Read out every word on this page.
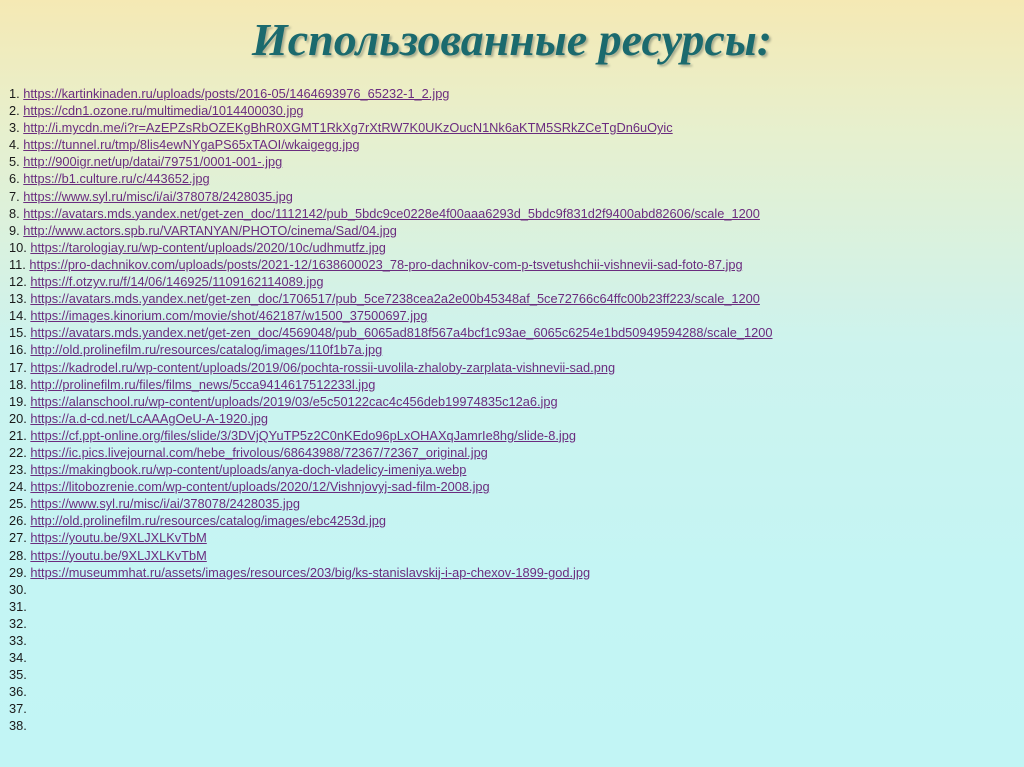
Использованные ресурсы:
1. https://kartinkinaden.ru/uploads/posts/2016-05/1464693976_65232-1_2.jpg
2. https://cdn1.ozone.ru/multimedia/1014400030.jpg
3. http://i.mycdn.me/i?r=AzEPZsRbOZEKgBhR0XGMT1RkXg7rXtRW7K0UKzOucN1Nk6aKTM5SRkZCeTgDn6uOyic
4. https://tunnel.ru/tmp/8lis4ewNYgaPS65xTAOI/wkaigegg.jpg
5. http://900igr.net/up/datai/79751/0001-001-.jpg
6. https://b1.culture.ru/c/443652.jpg
7. https://www.syl.ru/misc/i/ai/378078/2428035.jpg
8. https://avatars.mds.yandex.net/get-zen_doc/1112142/pub_5bdc9ce0228e4f00aaa6293d_5bdc9f831d2f9400abd82606/scale_1200
9. http://www.actors.spb.ru/VARTANYAN/PHOTO/cinema/Sad/04.jpg
10. https://tarologiay.ru/wp-content/uploads/2020/10c/udhmutfz.jpg
11. https://pro-dachnikov.com/uploads/posts/2021-12/1638600023_78-pro-dachnikov-com-p-tsvetushchii-vishnevii-sad-foto-87.jpg
12. https://f.otzyv.ru/f/14/06/146925/1109162114089.jpg
13. https://avatars.mds.yandex.net/get-zen_doc/1706517/pub_5ce7238cea2a2e00b45348af_5ce72766c64ffc00b23ff223/scale_1200
14. https://images.kinorium.com/movie/shot/462187/w1500_37500697.jpg
15. https://avatars.mds.yandex.net/get-zen_doc/4569048/pub_6065ad818f567a4bcf1c93ae_6065c6254e1bd50949594288/scale_1200
16. http://old.prolinefilm.ru/resources/catalog/images/110f1b7a.jpg
17. https://kadrodel.ru/wp-content/uploads/2019/06/pochta-rossii-uvolila-zhaloby-zarplata-vishnevii-sad.png
18. http://prolinefilm.ru/files/films_news/5cca9414617512233l.jpg
19. https://alanschool.ru/wp-content/uploads/2019/03/e5c50122cac4c456deb19974835c12a6.jpg
20. https://a.d-cd.net/LcAAAgOeU-A-1920.jpg
21. https://cf.ppt-online.org/files/slide/3/3DVjQYuTP5z2C0nKEdo96pLxOHAXqJamrIe8hg/slide-8.jpg
22. https://ic.pics.livejournal.com/hebe_frivolous/68643988/72367/72367_original.jpg
23. https://makingbook.ru/wp-content/uploads/anya-doch-vladelicy-imeniya.webp
24. https://litobozrenie.com/wp-content/uploads/2020/12/Vishnjovyj-sad-film-2008.jpg
25. https://www.syl.ru/misc/i/ai/378078/2428035.jpg
26. http://old.prolinefilm.ru/resources/catalog/images/ebc4253d.jpg
27. https://youtu.be/9XLJXLKvTbM
28. https://youtu.be/9XLJXLKvTbM
29. https://museummhat.ru/assets/images/resources/203/big/ks-stanislavskij-i-ap-chexov-1899-god.jpg
30.
31.
32.
33.
34.
35.
36.
37.
38.
